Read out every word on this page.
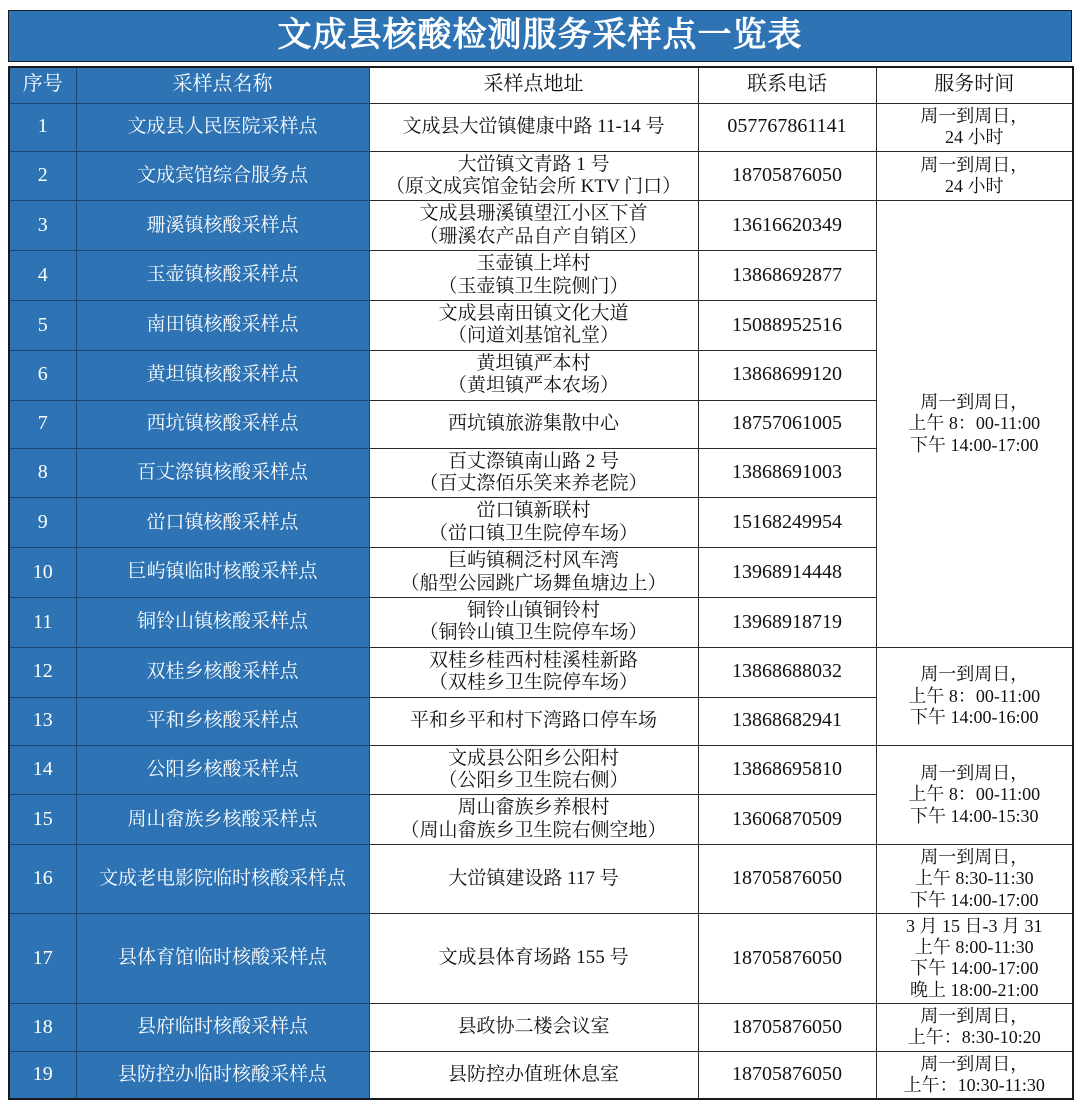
文成县核酸检测服务采样点一览表
序号	采样点名称	采样点地址	联系电话	服务时间
1	文成县人民医院采样点	文成县大峃镇健康中路 11-14 号	057767861141	周一到周日，
24 小时
2	文成宾馆综合服务点	大峃镇文青路 1 号
（原文成宾馆金钻会所 KTV 门口）	18705876050	周一到周日，
24 小时
3	珊溪镇核酸采样点	文成县珊溪镇望江小区下首
（珊溪农产品自产自销区）	13616620349	周一到周日，
上午 8：00-11:00
下午 14:00-17:00
4	玉壶镇核酸采样点	玉壶镇上垟村
（玉壶镇卫生院侧门）	13868692877	
5	南田镇核酸采样点	文成县南田镇文化大道
（问道刘基馆礼堂）	15088952516	
6	黄坦镇核酸采样点	黄坦镇严本村
（黄坦镇严本农场）	13868699120	
7	西坑镇核酸采样点	西坑镇旅游集散中心	18757061005	
8	百丈漈镇核酸采样点	百丈漈镇南山路 2 号
（百丈漈佰乐笑来养老院）	13868691003	
9	峃口镇核酸采样点	峃口镇新联村
（峃口镇卫生院停车场）	15168249954	
10	巨屿镇临时核酸采样点	巨屿镇稠泛村风车湾
（船型公园跳广场舞鱼塘边上）	13968914448	
11	铜铃山镇核酸采样点	铜铃山镇铜铃村
（铜铃山镇卫生院停车场）	13968918719	
12	双桂乡核酸采样点	双桂乡桂西村桂溪桂新路
（双桂乡卫生院停车场）	13868688032	周一到周日，
上午 8：00-11:00
下午 14:00-16:00
13	平和乡核酸采样点	平和乡平和村下湾路口停车场	13868682941	
14	公阳乡核酸采样点	文成县公阳乡公阳村
（公阳乡卫生院右侧）	13868695810	周一到周日，
上午 8：00-11:00
下午 14:00-15:30
15	周山畲族乡核酸采样点	周山畲族乡养根村
（周山畲族乡卫生院右侧空地）	13606870509	
16	文成老电影院临时核酸采样点	大峃镇建设路 117 号	18705876050	周一到周日，
上午 8:30-11:30
下午 14:00-17:00
17	县体育馆临时核酸采样点	文成县体育场路 155 号	18705876050	3 月 15 日-3 月 31
上午 8:00-11:30
下午 14:00-17:00
晚上 18:00-21:00
18	县府临时核酸采样点	县政协二楼会议室	18705876050	周一到周日，
上午：8:30-10:20
19	县防控办临时核酸采样点	县防控办值班休息室	18705876050	周一到周日，
上午：10:30-11:30
